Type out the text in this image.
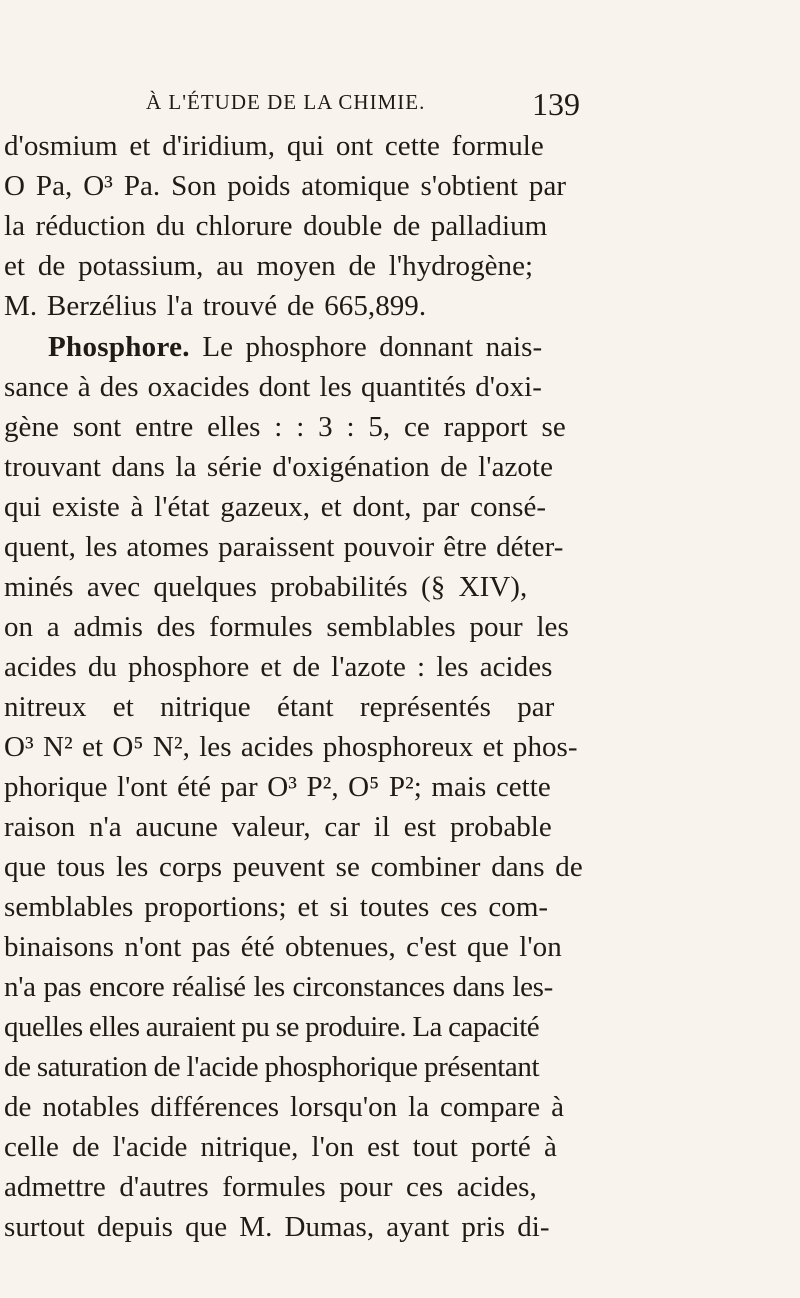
À L'ÉTUDE DE LA CHIMIE.	139
d'osmium et d'iridium, qui ont cette formule
O Pa, O³ Pa. Son poids atomique s'obtient par
la réduction du chlorure double de palladium
et de potassium, au moyen de l'hydrogène;
M. Berzélius l'a trouvé de 665,899.
Phosphore. Le phosphore donnant nais-
sance à des oxacides dont les quantités d'oxi-
gène sont entre elles : : 3 : 5, ce rapport se
trouvant dans la série d'oxigénation de l'azote
qui existe à l'état gazeux, et dont, par consé-
quent, les atomes paraissent pouvoir être déter-
minés avec quelques probabilités (§ XIV),
on a admis des formules semblables pour les
acides du phosphore et de l'azote : les acides
nitreux et nitrique étant représentés par
O³ N² et O⁵ N², les acides phosphoreux et phos-
phorique l'ont été par O³ P², O⁵ P²; mais cette
raison n'a aucune valeur, car il est probable
que tous les corps peuvent se combiner dans de
semblables proportions; et si toutes ces com-
binaisons n'ont pas été obtenues, c'est que l'on
n'a pas encore réalisé les circonstances dans les-
quelles elles auraient pu se produire. La capacité
de saturation de l'acide phosphorique présentant
de notables différences lorsqu'on la compare à
celle de l'acide nitrique, l'on est tout porté à
admettre d'autres formules pour ces acides,
surtout depuis que M. Dumas, ayant pris di-
